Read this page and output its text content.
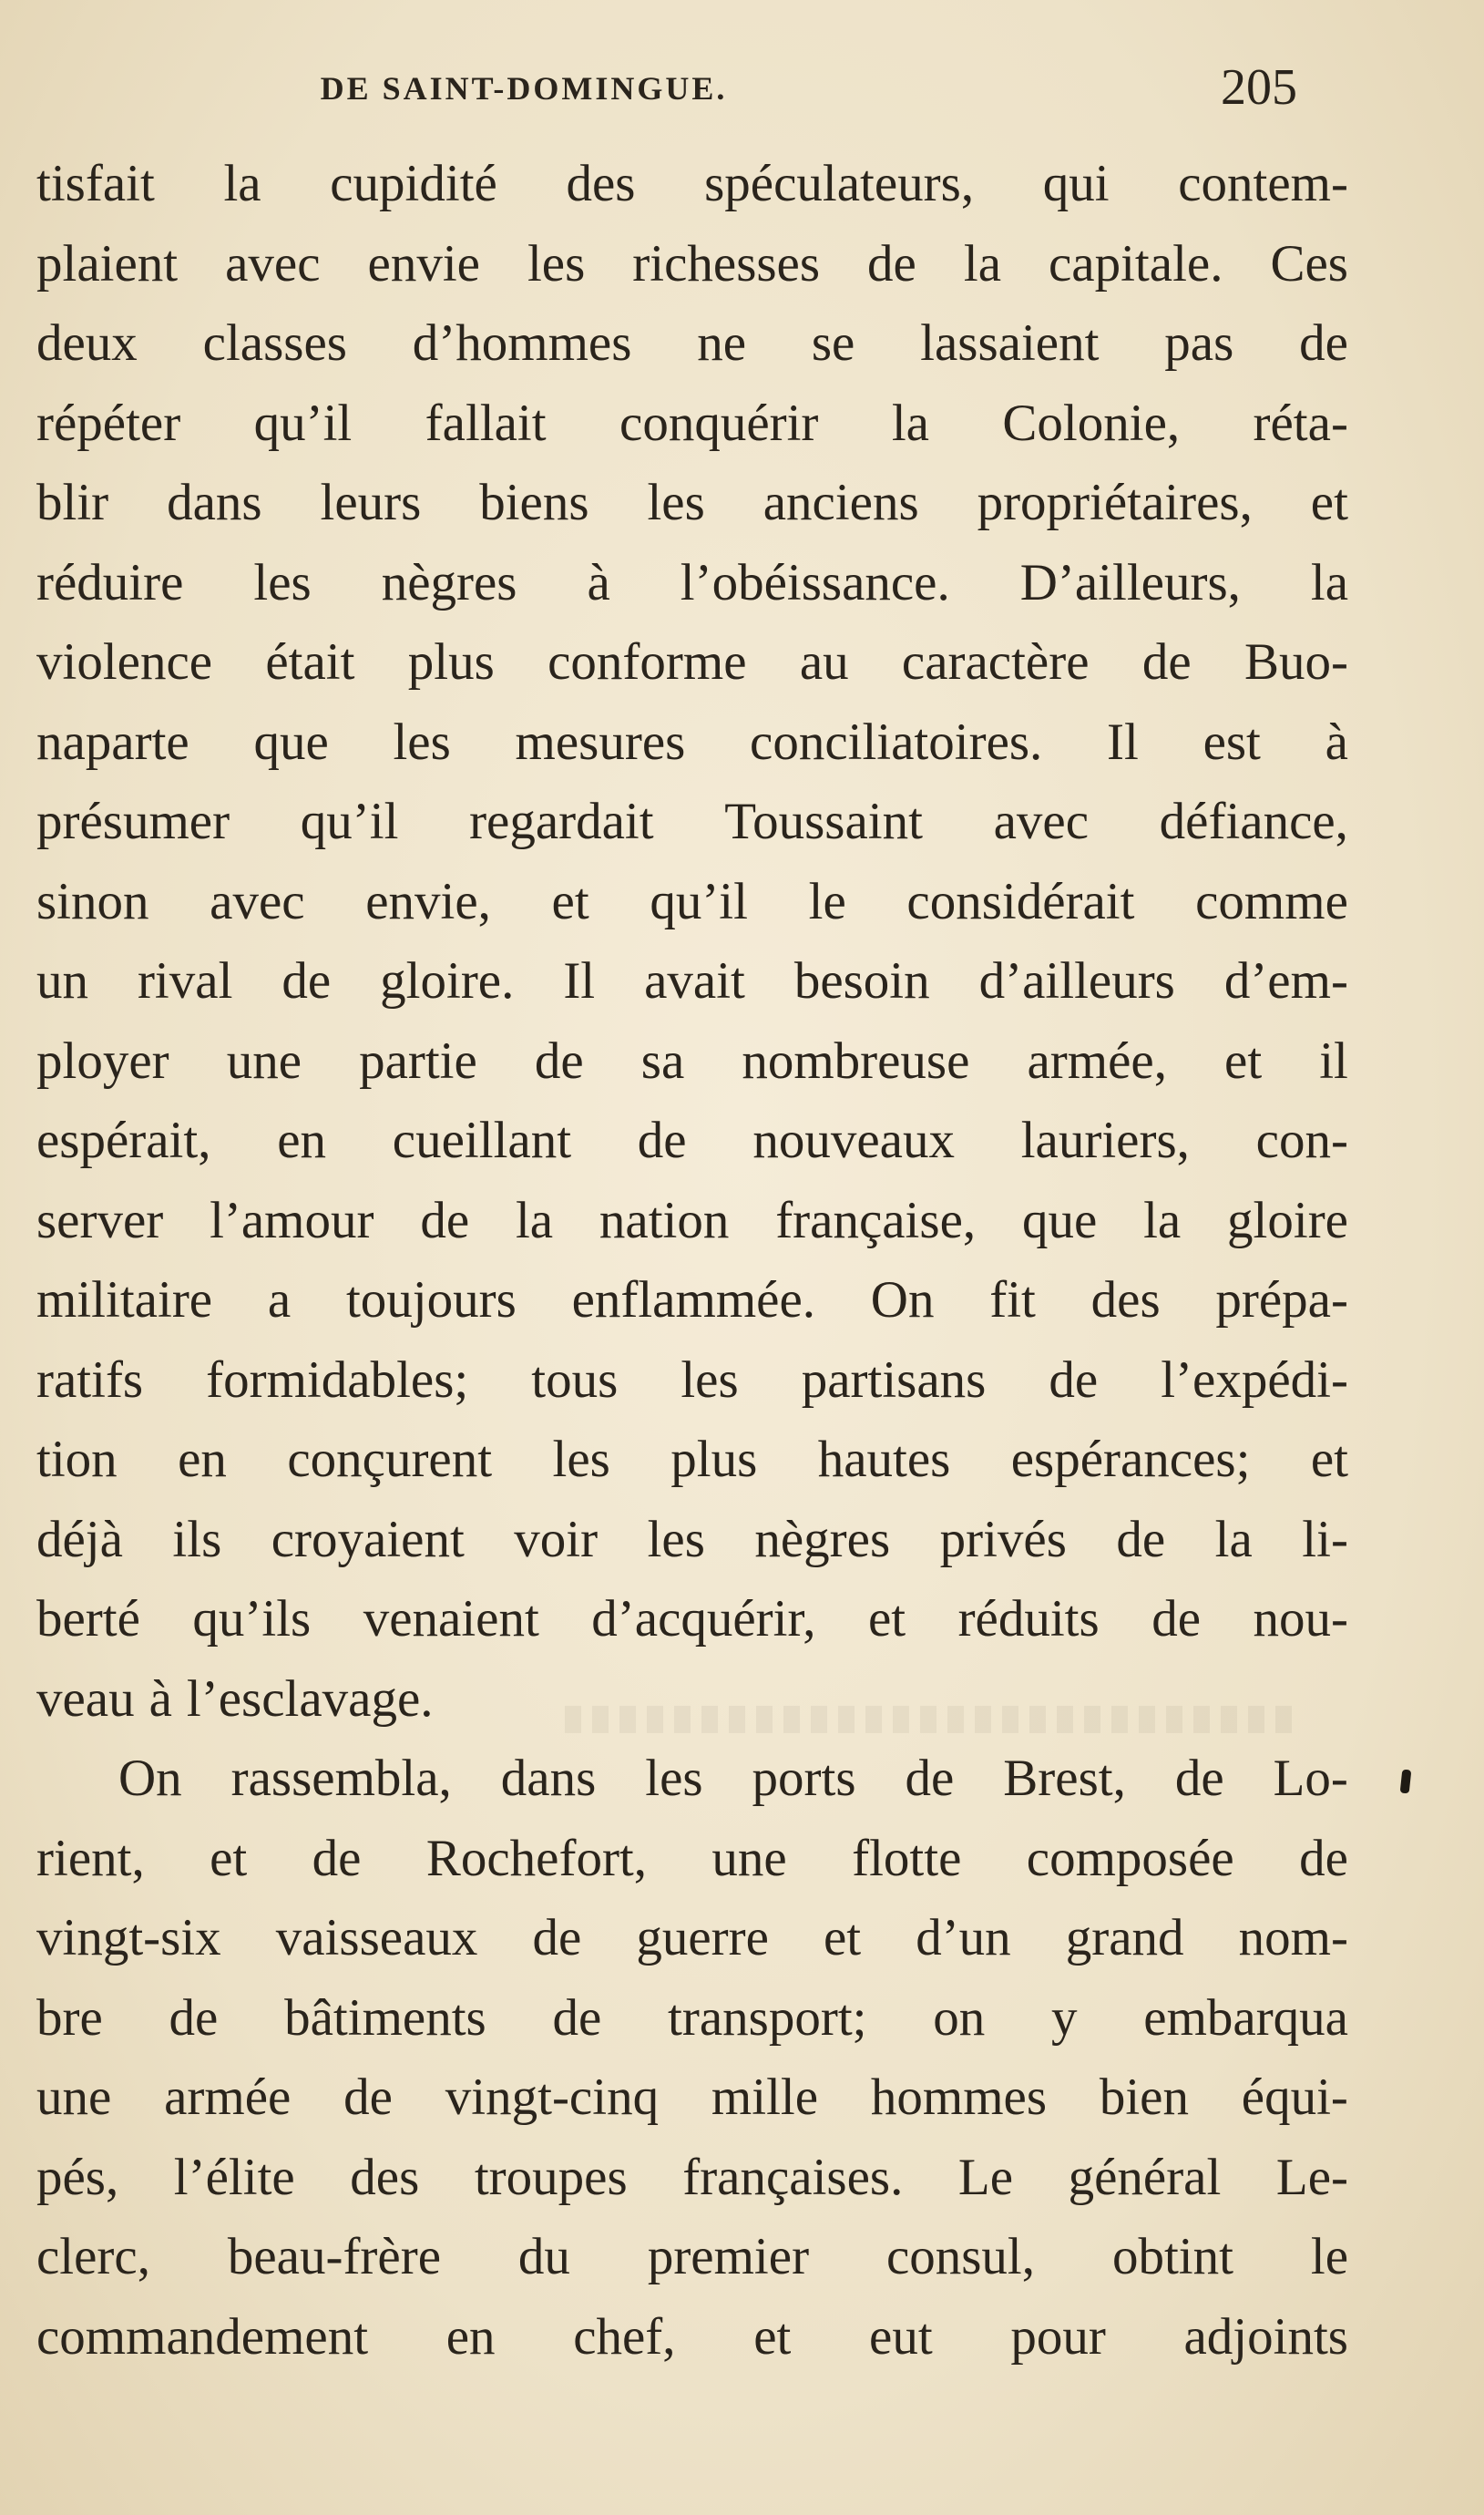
DE SAINT-DOMINGUE.	205
tisfait la cupidité des spéculateurs, qui contem-
plaient avec envie les richesses de la capitale. Ces
deux classes d’hommes ne se lassaient pas de
répéter qu’il fallait conquérir la Colonie, réta-
blir dans leurs biens les anciens propriétaires, et
réduire les nègres à l’obéissance. D’ailleurs, la
violence était plus conforme au caractère de Buo-
naparte que les mesures conciliatoires. Il est à
présumer qu’il regardait Toussaint avec défiance,
sinon avec envie, et qu’il le considérait comme
un rival de gloire. Il avait besoin d’ailleurs d’em-
ployer une partie de sa nombreuse armée, et il
espérait, en cueillant de nouveaux lauriers, con-
server l’amour de la nation française, que la gloire
militaire a toujours enflammée. On fit des prépa-
ratifs formidables; tous les partisans de l’expédi-
tion en conçurent les plus hautes espérances; et
déjà ils croyaient voir les nègres privés de la li-
berté qu’ils venaient d’acquérir, et réduits de nou-
veau à l’esclavage.
On rassembla, dans les ports de Brest, de Lo-
rient, et de Rochefort, une flotte composée de
vingt-six vaisseaux de guerre et d’un grand nom-
bre de bâtiments de transport; on y embarqua
une armée de vingt-cinq mille hommes bien équi-
pés, l’élite des troupes françaises. Le général Le-
clerc, beau-frère du premier consul, obtint le
commandement en chef, et eut pour adjoints
